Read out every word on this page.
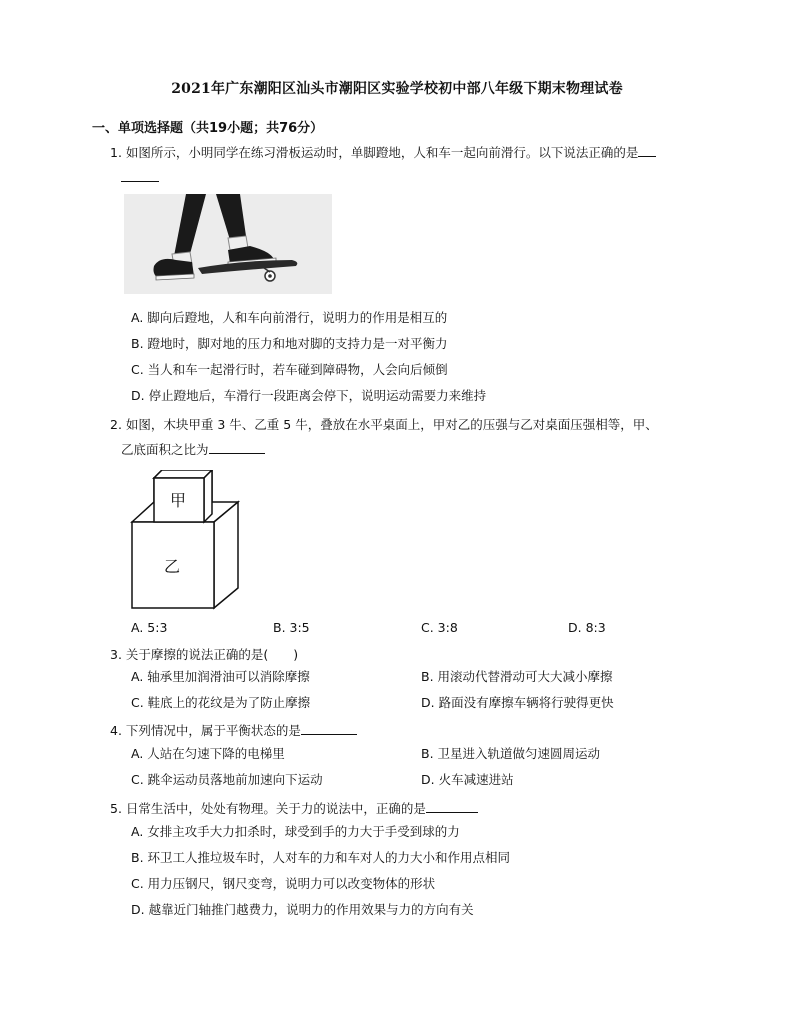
2021年广东潮阳区汕头市潮阳区实验学校初中部八年级下期末物理试卷
一、单项选择题（共19小题；共76分）
1. 如图所示，小明同学在练习滑板运动时，单脚蹬地，人和车一起向前滑行。以下说法正确的是

A. 脚向后蹬地，人和车向前滑行，说明力的作用是相互的
B. 蹬地时，脚对地的压力和地对脚的支持力是一对平衡力
C. 当人和车一起滑行时，若车碰到障碍物，人会向后倾倒
D. 停止蹬地后，车滑行一段距离会停下，说明运动需要力来维持
2. 如图，木块甲重 3 牛、乙重 5 牛，叠放在水平桌面上，甲对乙的压强与乙对桌面压强相等，甲、
乙底面积之比为
甲
乙
A. 5:3	B. 3:5	C. 3:8	D. 8:3
3. 关于摩擦的说法正确的是(　　)
A. 轴承里加润滑油可以消除摩擦	B. 用滚动代替滑动可大大减小摩擦
C. 鞋底上的花纹是为了防止摩擦	D. 路面没有摩擦车辆将行驶得更快
4. 下列情况中，属于平衡状态的是
A. 人站在匀速下降的电梯里	B. 卫星进入轨道做匀速圆周运动
C. 跳伞运动员落地前加速向下运动	D. 火车减速进站
5. 日常生活中，处处有物理。关于力的说法中，正确的是
A. 女排主攻手大力扣杀时，球受到手的力大于手受到球的力
B. 环卫工人推垃圾车时，人对车的力和车对人的力大小和作用点相同
C. 用力压钢尺，钢尺变弯，说明力可以改变物体的形状
D. 越靠近门轴推门越费力，说明力的作用效果与力的方向有关
